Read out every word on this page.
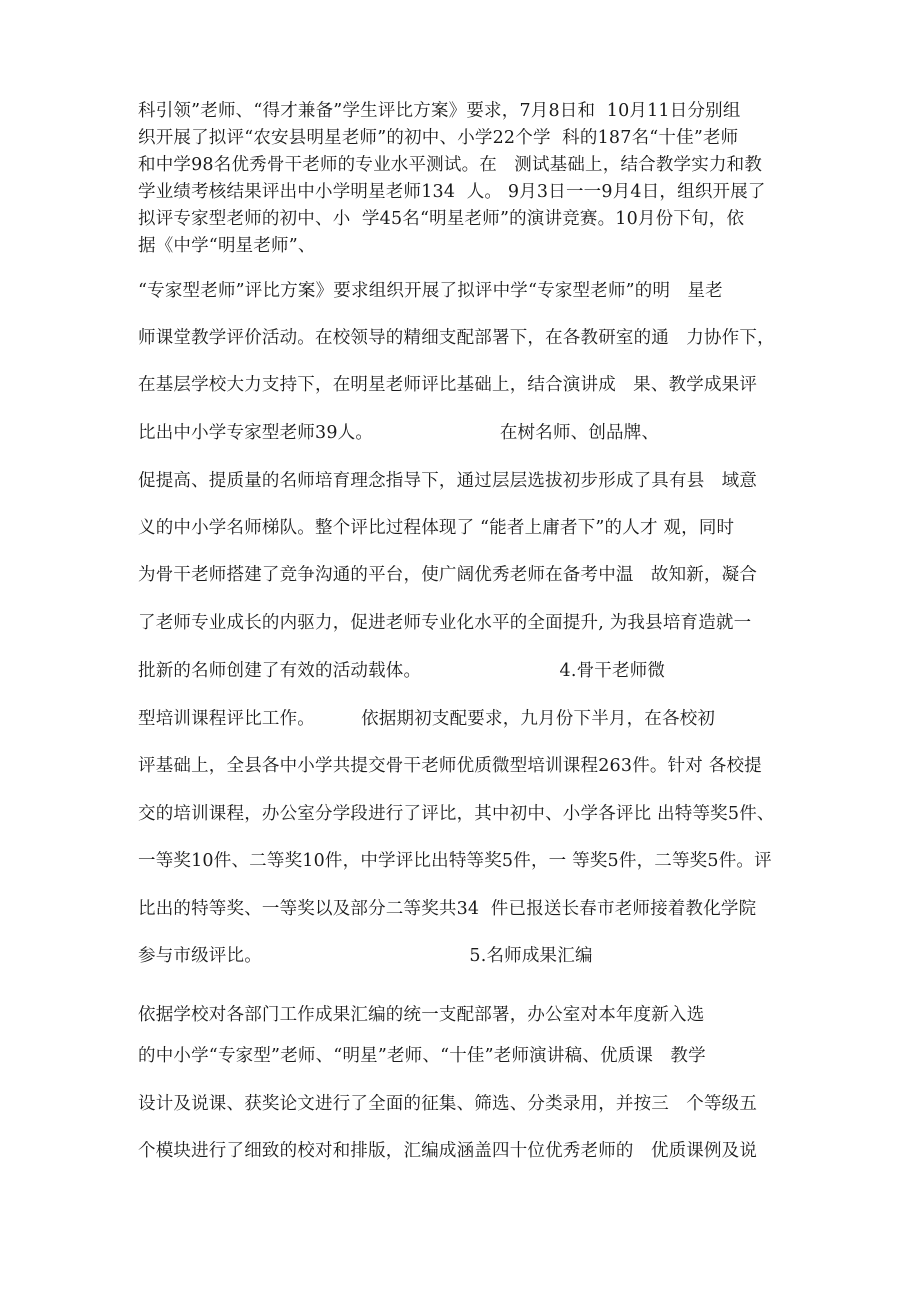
科引领”老师、“得才兼备”学生评比方案》要求，7月8日和  10月11日分别组
织开展了拟评“农安县明星老师”的初中、小学22个学  科的187名“十佳”老师
和中学98名优秀骨干老师的专业水平测试。在   测试基础上，结合教学实力和教
学业绩考核结果评出中小学明星老师134  人。 9月3日一一9月4日，组织开展了
拟评专家型老师的初中、小  学45名“明星老师”的演讲竞赛。10月份下旬，依
据《中学“明星老师”、
“专家型老师”评比方案》要求组织开展了拟评中学“专家型老师”的明   星老
师课堂教学评价活动。在校领导的精细支配部署下，在各教研室的通   力协作下，
在基层学校大力支持下，在明星老师评比基础上，结合演讲成   果、教学成果评
比出中小学专家型老师39人。                      在树名师、创品牌、
促提高、提质量的名师培育理念指导下，通过层层选拔初步形成了具有县   域意
义的中小学名师梯队。整个评比过程体现了 “能者上庸者下”的人才 观，同时
为骨干老师搭建了竞争沟通的平台，使广阔优秀老师在备考中温   故知新，凝合
了老师专业成长的内驱力，促进老师专业化水平的全面提升, 为我县培育造就一
批新的名师创建了有效的活动载体。                        4.骨干老师微
型培训课程评比工作。        依据期初支配要求，九月份下半月，在各校初
评基础上，全县各中小学共提交骨干老师优质微型培训课程263件。针对 各校提
交的培训课程，办公室分学段进行了评比，其中初中、小学各评比 出特等奖5件、
一等奖10件、二等奖10件，中学评比出特等奖5件，一 等奖5件，二等奖5件。评
比出的特等奖、一等奖以及部分二等奖共34  件已报送长春市老师接着教化学院
参与市级评比。                                    5.名师成果汇编
依据学校对各部门工作成果汇编的统一支配部署，办公室对本年度新入选
的中小学“专家型”老师、“明星”老师、“十佳”老师演讲稿、优质课   教学
设计及说课、获奖论文进行了全面的征集、筛选、分类录用，并按三   个等级五
个模块进行了细致的校对和排版，汇编成涵盖四十位优秀老师的   优质课例及说
